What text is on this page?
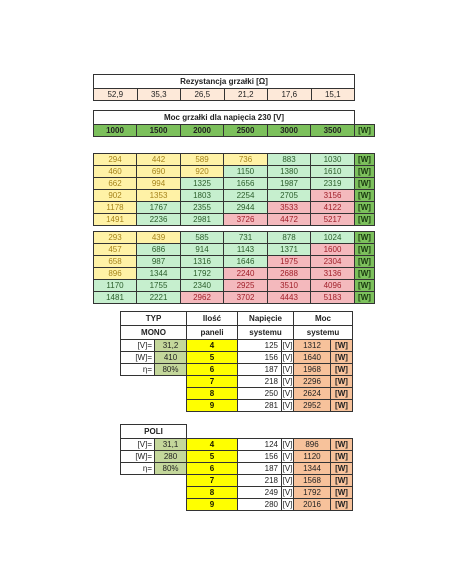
Rezystancja grzałki [Ω]
52,9	35,3	26,5	21,2	17,6	15,1
Moc grzałki dla napięcia 230 [V]						
1000	1500	2000	2500	3000	3500	[W]
294	442	589	736	883	1030	[W]
460	690	920	1150	1380	1610	[W]
662	994	1325	1656	1987	2319	[W]
902	1353	1803	2254	2705	3156	[W]
1178	1767	2355	2944	3533	4122	[W]
1491	2236	2981	3726	4472	5217	[W]
293	439	585	731	878	1024	[W]
457	686	914	1143	1371	1600	[W]
658	987	1316	1646	1975	2304	[W]
896	1344	1792	2240	2688	3136	[W]
1170	1755	2340	2925	3510	4096	[W]
1481	2221	2962	3702	4443	5183	[W]
TYP		Ilość	Napięcie		Moc	
MONO		paneli	systemu		systemu	
[V]=	31,2	4	125	[V]	1312	[W]
[W]=	410	5	156	[V]	1640	[W]
η=	80%	6	187	[V]	1968	[W]
		7	218	[V]	2296	[W]
		8	250	[V]	2624	[W]
		9	281	[V]	2952	[W]
POLI						
[V]=	31,1	4	124	[V]	896	[W]
[W]=	280	5	156	[V]	1120	[W]
η=	80%	6	187	[V]	1344	[W]
		7	218	[V]	1568	[W]
		8	249	[V]	1792	[W]
		9	280	[V]	2016	[W]
